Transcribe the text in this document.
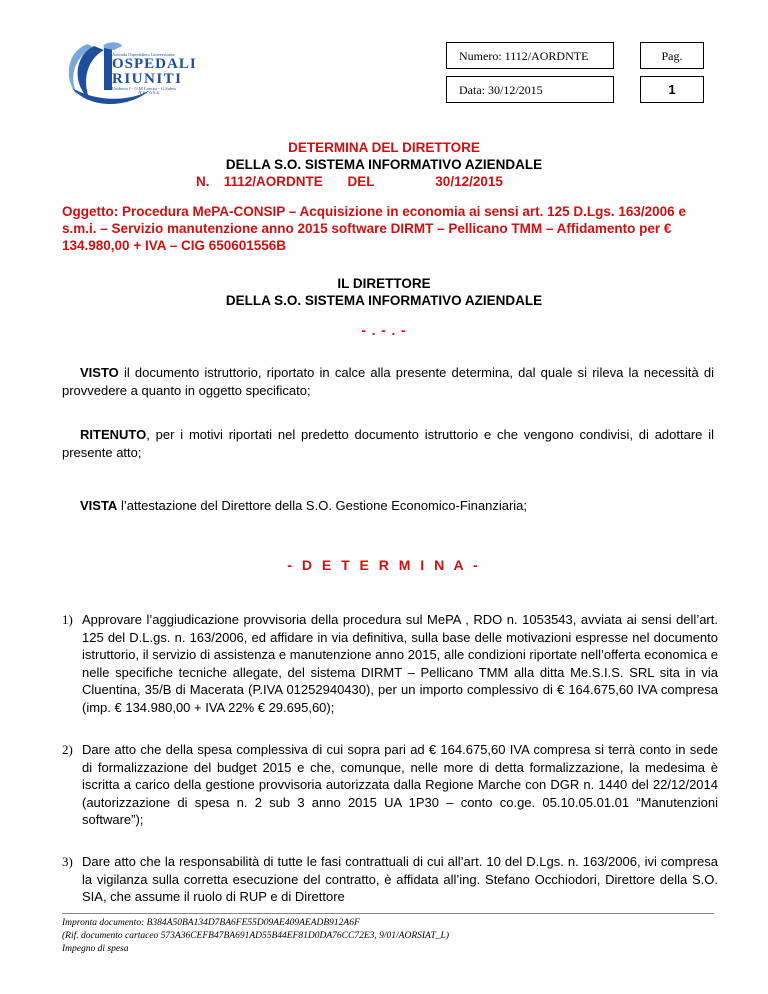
Azienda Ospedaliero Universitaria
OSPEDALI
RIUNITI
Umberto I - G.M.Lancisi - G.Salesi
Ancona
Numero: 1112/AORDNTE
Data: 30/12/2015
Pag.
1
DETERMINA DEL DIRETTORE
DELLA S.O. SISTEMA INFORMATIVO AZIENDALE
N. 1112/AORDNTE DEL	30/12/2015
Oggetto: Procedura MePA-CONSIP – Acquisizione in economia ai sensi art. 125 D.Lgs. 163/2006 e s.m.i. – Servizio manutenzione anno 2015 software DIRMT – Pellicano TMM – Affidamento per € 134.980,00 + IVA – CIG 650601556B
IL DIRETTORE
DELLA S.O. SISTEMA INFORMATIVO AZIENDALE
- . - . -
VISTO il documento istruttorio, riportato in calce alla presente determina, dal quale si rileva la necessità di provvedere a quanto in oggetto specificato;
RITENUTO, per i motivi riportati nel predetto documento istruttorio e che vengono condivisi, di adottare il presente atto;
VISTA l’attestazione del Direttore della S.O. Gestione Economico-Finanziaria;
- D E T E R M I N A -
1) Approvare l’aggiudicazione provvisoria della procedura sul MePA , RDO n. 1053543, avviata ai sensi dell’art. 125 del D.L.gs. n. 163/2006, ed affidare in via definitiva, sulla base delle motivazioni espresse nel documento istruttorio, il servizio di assistenza e manutenzione anno 2015, alle condizioni riportate nell’offerta economica e nelle specifiche tecniche allegate, del sistema DIRMT – Pellicano TMM alla ditta Me.S.I.S. SRL sita in via Cluentina, 35/B di Macerata (P.IVA 01252940430), per un importo complessivo di € 164.675,60 IVA compresa (imp. € 134.980,00 + IVA 22% € 29.695,60);
2) Dare atto che della spesa complessiva di cui sopra pari ad € 164.675,60 IVA compresa si terrà conto in sede di formalizzazione del budget 2015 e che, comunque, nelle more di detta formalizzazione, la medesima è iscritta a carico della gestione provvisoria autorizzata dalla Regione Marche con DGR n. 1440 del 22/12/2014 (autorizzazione di spesa n. 2 sub 3 anno 2015 UA 1P30 – conto co.ge. 05.10.05.01.01 “Manutenzioni software”);
3) Dare atto che la responsabilità di tutte le fasi contrattuali di cui all’art. 10 del D.Lgs. n. 163/2006, ivi compresa la vigilanza sulla corretta esecuzione del contratto, è affidata all’ing. Stefano Occhiodori, Direttore della S.O. SIA, che assume il ruolo di RUP e di Direttore
Impronta documento: B384A50BA134D7BA6FE55D09AE409AEADB912A6F
(Rif. documento cartaceo 573A36CEFB47BA691AD55B44EF81D0DA76CC72E3, 9/01/AORSIAT_L)
Impegno di spesa
